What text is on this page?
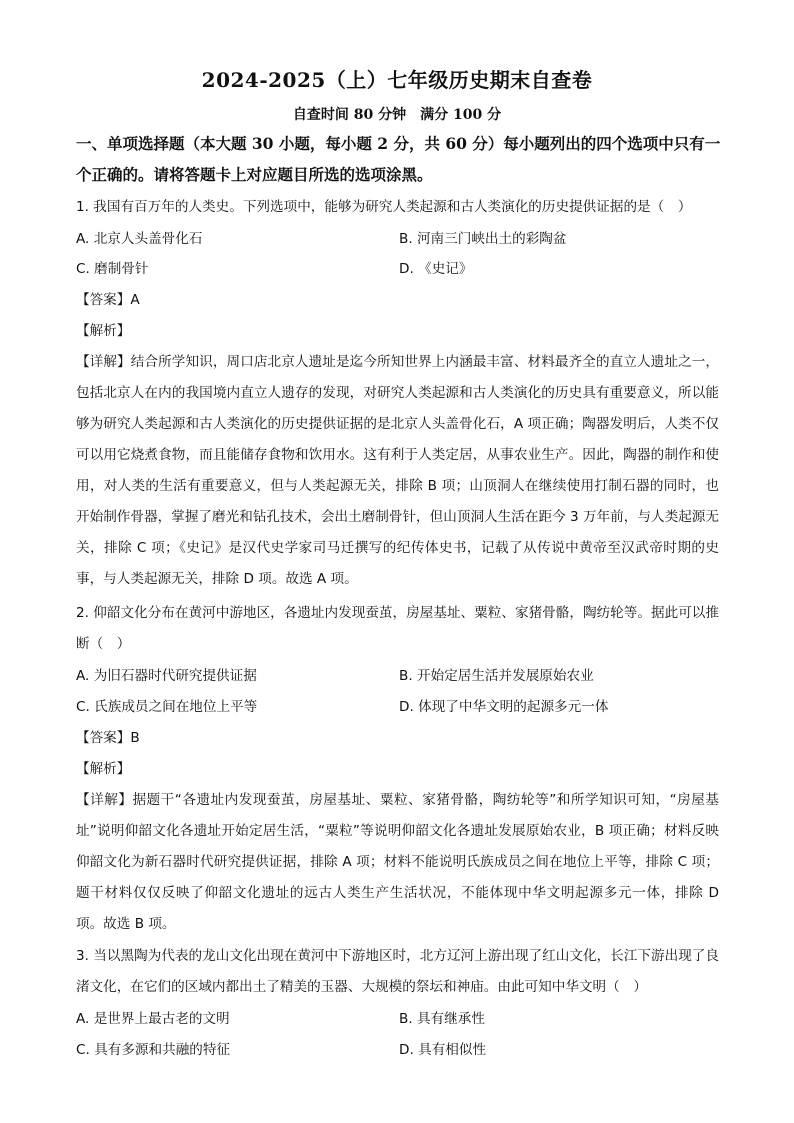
2024-2025（上）七年级历史期末自查卷
自查时间 80 分钟　满分 100 分
一、单项选择题（本大题 30 小题，每小题 2 分，共 60 分）每小题列出的四个选项中只有一个正确的。请将答题卡上对应题目所选的选项涂黑。
1. 我国有百万年的人类史。下列选项中，能够为研究人类起源和古人类演化的历史提供证据的是（　）
A. 北京人头盖骨化石	B. 河南三门峡出土的彩陶盆
C. 磨制骨针	D. 《史记》
【答案】A
【解析】
【详解】结合所学知识，周口店北京人遗址是迄今所知世界上内涵最丰富、材料最齐全的直立人遗址之一，包括北京人在内的我国境内直立人遗存的发现，对研究人类起源和古人类演化的历史具有重要意义，所以能够为研究人类起源和古人类演化的历史提供证据的是北京人头盖骨化石，A 项正确；陶器发明后，人类不仅可以用它烧煮食物，而且能储存食物和饮用水。这有利于人类定居，从事农业生产。因此，陶器的制作和使用，对人类的生活有重要意义，但与人类起源无关，排除 B 项；山顶洞人在继续使用打制石器的同时，也开始制作骨器，掌握了磨光和钻孔技术，会出土磨制骨针，但山顶洞人生活在距今 3 万年前，与人类起源无关，排除 C 项；《史记》是汉代史学家司马迁撰写的纪传体史书，记载了从传说中黄帝至汉武帝时期的史事，与人类起源无关，排除 D 项。故选 A 项。
2. 仰韶文化分布在黄河中游地区，各遗址内发现蚕茧，房屋基址、粟粒、家猪骨骼，陶纺轮等。据此可以推断（　）
A. 为旧石器时代研究提供证据	B. 开始定居生活并发展原始农业
C. 氏族成员之间在地位上平等	D. 体现了中华文明的起源多元一体
【答案】B
【解析】
【详解】据题干“各遗址内发现蚕茧，房屋基址、粟粒、家猪骨骼，陶纺轮等”和所学知识可知，“房屋基址”说明仰韶文化各遗址开始定居生活，“粟粒”等说明仰韶文化各遗址发展原始农业，B 项正确；材料反映仰韶文化为新石器时代研究提供证据，排除 A 项；材料不能说明氏族成员之间在地位上平等，排除 C 项；题干材料仅仅反映了仰韶文化遗址的远古人类生产生活状况，不能体现中华文明起源多元一体，排除 D 项。故选 B 项。
3. 当以黑陶为代表的龙山文化出现在黄河中下游地区时，北方辽河上游出现了红山文化，长江下游出现了良渚文化，在它们的区域内都出土了精美的玉器、大规模的祭坛和神庙。由此可知中华文明（　）
A. 是世界上最古老的文明	B. 具有继承性
C. 具有多源和共融的特征	D. 具有相似性
